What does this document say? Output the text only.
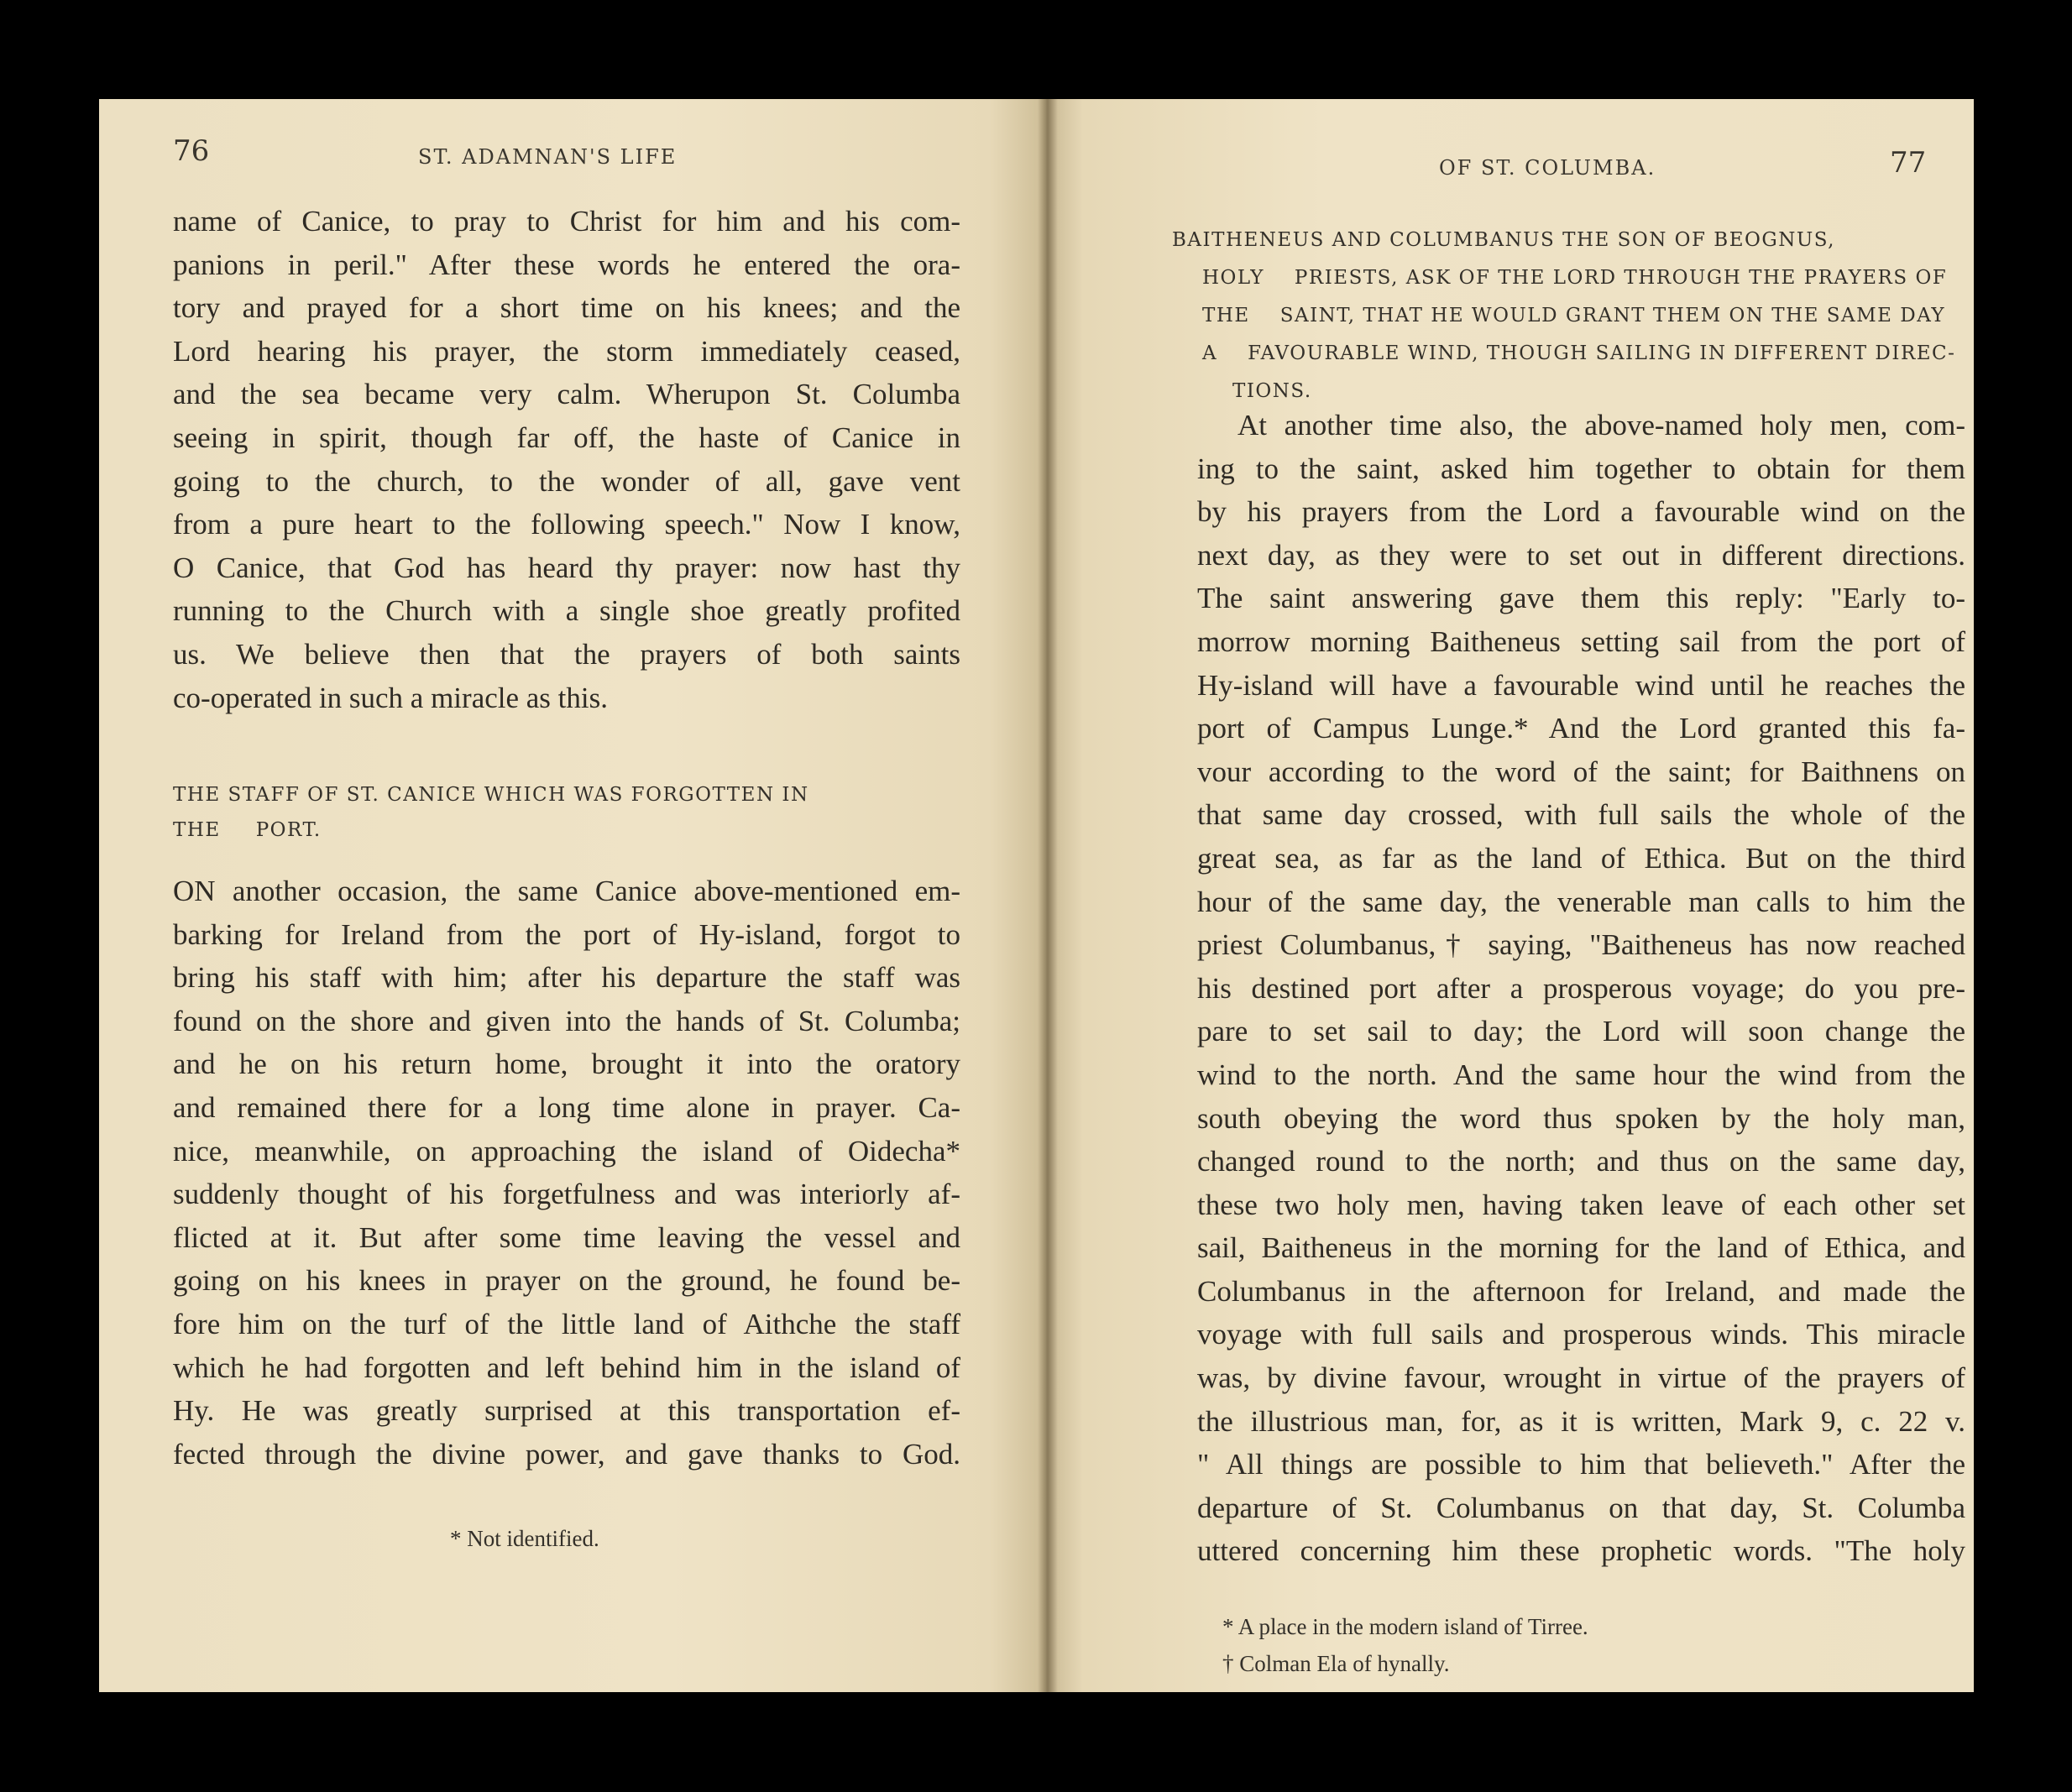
76	ST. ADAMNAN'S LIFE
name of Canice, to pray to Christ for him and his com-
panions in peril." After these words he entered the ora-
tory and prayed for a short time on his knees; and the
Lord hearing his prayer, the storm immediately ceased,
and the sea became very calm. Wherupon St. Columba
seeing in spirit, though far off, the haste of Canice in
going to the church, to the wonder of all, gave vent
from a pure heart to the following speech." Now I know,
O Canice, that God has heard thy prayer: now hast thy
running to the Church with a single shoe greatly profited
us. We believe then that the prayers of both saints
co-operated in such a miracle as this.
THE STAFF OF ST. CANICE WHICH WAS FORGOTTEN IN THE PORT.
ON another occasion, the same Canice above-mentioned em-
barking for Ireland from the port of Hy-island, forgot to
bring his staff with him; after his departure the staff was
found on the shore and given into the hands of St. Columba;
and he on his return home, brought it into the oratory
and remained there for a long time alone in prayer. Ca-
nice, meanwhile, on approaching the island of Oidecha*
suddenly thought of his forgetfulness and was interiorly af-
flicted at it. But after some time leaving the vessel and
going on his knees in prayer on the ground, he found be-
fore him on the turf of the little land of Aithche the staff
which he had forgotten and left behind him in the island of
Hy. He was greatly surprised at this transportation ef-
fected through the divine power, and gave thanks to God.
* Not identified.
OF ST. COLUMBA.	77
BAITHENEUS AND COLUMBANUS THE SON OF BEOGNUS, HOLY PRIESTS, ASK OF THE LORD THROUGH THE PRAYERS OF THE SAINT, THAT HE WOULD GRANT THEM ON THE SAME DAY A FAVOURABLE WIND, THOUGH SAILING IN DIFFERENT DIREC-TIONS.
At another time also, the above-named holy men, com-
ing to the saint, asked him together to obtain for them
by his prayers from the Lord a favourable wind on the
next day, as they were to set out in different directions.
The saint answering gave them this reply: "Early to-
morrow morning Baitheneus setting sail from the port of
Hy-island will have a favourable wind until he reaches the
port of Campus Lunge.* And the Lord granted this fa-
vour according to the word of the saint; for Baithnens on
that same day crossed, with full sails the whole of the
great sea, as far as the land of Ethica. But on the third
hour of the same day, the venerable man calls to him the
priest Columbanus,† saying, "Baitheneus has now reached
his destined port after a prosperous voyage; do you pre-
pare to set sail to day; the Lord will soon change the
wind to the north. And the same hour the wind from the
south obeying the word thus spoken by the holy man,
changed round to the north; and thus on the same day,
these two holy men, having taken leave of each other set
sail, Baitheneus in the morning for the land of Ethica, and
Columbanus in the afternoon for Ireland, and made the
voyage with full sails and prosperous winds. This miracle
was, by divine favour, wrought in virtue of the prayers of
the illustrious man, for, as it is written, Mark 9, c. 22 v.
" All things are possible to him that believeth." After the
departure of St. Columbanus on that day, St. Columba
uttered concerning him these prophetic words. "The holy
* A place in the modern island of Tirree.
† Colman Ela of hynally.
